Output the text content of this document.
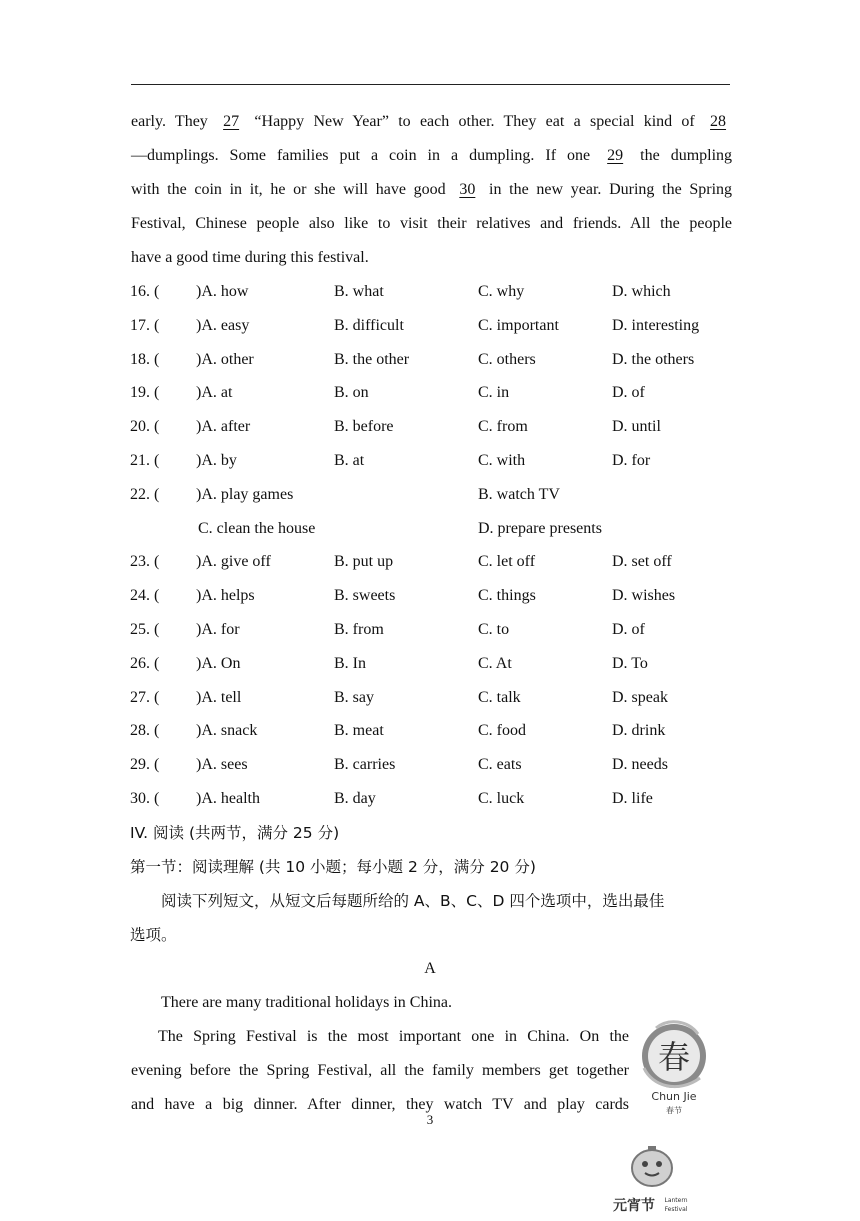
early. They 27 “Happy New Year” to each other. They eat a special kind of 28

—dumplings. Some families put a coin in a dumpling. If one 29 the dumpling

with the coin in it, he or she will have good 30 in the new year. During the Spring

Festival, Chinese people also like to visit their relatives and friends. All the people

have a good time during this festival.

16. ( )A. how	B. what	C. why	D. which
17. ( )A. easy	B. difficult	C. important	D. interesting
18. ( )A. other	B. the other	C. others	D. the others
19. ( )A. at	B. on	C. in	D. of
20. ( )A. after	B. before	C. from	D. until
21. ( )A. by	B. at	C. with	D. for
22. ( )A. play games	B. watch TV
C. clean the house	D. prepare presents
23. ( )A. give off	B. put up	C. let off	D. set off
24. ( )A. helps	B. sweets	C. things	D. wishes
25. ( )A. for	B. from	C. to	D. of
26. ( )A. On	B. In	C. At	D. To
27. ( )A. tell	B. say	C. talk	D. speak
28. ( )A. snack	B. meat	C. food	D. drink
29. ( )A. sees	B. carries	C. eats	D. needs
30. ( )A. health	B. day	C. luck	D. life
IV. 阅读 (共两节，满分 25 分)
第一节：阅读理解 (共 10 小题；每小题 2 分，满分 20 分)
阅读下列短文，从短文后每题所给的 A、B、C、D 四个选项中，选出最佳
选项。
A
There are many traditional holidays in China.

The Spring Festival is the most important one in China. On the

evening before the Spring Festival, all the family members get together

and have a big dinner. After dinner, they watch TV and play cards

3
春
Chun Jie
春节
元宵节 Lantern
Festival
